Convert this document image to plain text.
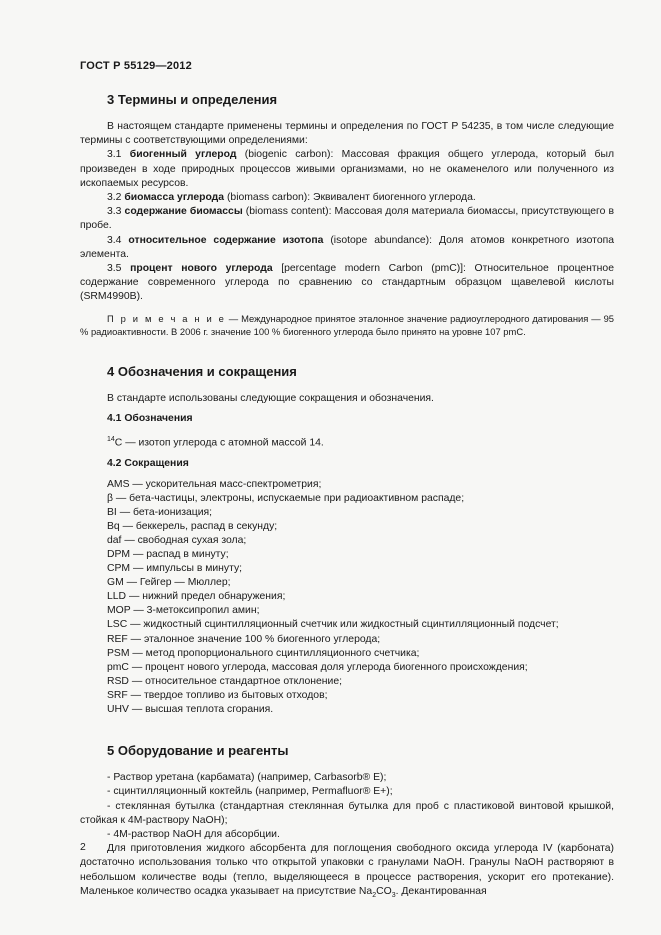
ГОСТ Р 55129—2012
3 Термины и определения

В настоящем стандарте применены термины и определения по ГОСТ Р 54235, в том числе следующие термины с соответствующими определениями:

3.1 биогенный углерод (biogenic carbon): Массовая фракция общего углерода, который был произведен в ходе природных процессов живыми организмами, но не окаменелого или полученного из ископаемых ресурсов.

3.2 биомасса углерода (biomass carbon): Эквивалент биогенного углерода.

3.3 содержание биомассы (biomass content): Массовая доля материала биомассы, присутствующего в пробе.

3.4 относительное содержание изотопа (isotope abundance): Доля атомов конкретного изотопа элемента.

3.5 процент нового углерода [percentage modern Carbon (pmC)]: Относительное процентное содержание современного углерода по сравнению со стандартным образцом щавелевой кислоты (SRM4990B).

П р и м е ч а н и е — Международное принятое эталонное значение радиоуглеродного датирования — 95 % радиоактивности. В 2006 г. значение 100 % биогенного углерода было принято на уровне 107 pmC.

4 Обозначения и сокращения

В стандарте использованы следующие сокращения и обозначения.

4.1 Обозначения

$^{14}$С — изотоп углерода с атомной массой 14.

4.2 Сокращения
AMS — ускорительная масс-спектрометрия;
β — бета-частицы, электроны, испускаемые при радиоактивном распаде;
BI — бета-ионизация;
Bq — беккерель, распад в секунду;
daf — свободная сухая зола;
DPM — распад в минуту;
CPM — импульсы в минуту;
GM — Гейгер — Мюллер;
LLD — нижний предел обнаружения;
MOP — 3-метоксипропил амин;
LSC — жидкостный сцинтилляционный счетчик или жидкостный сцинтилляционный подсчет;
REF — эталонное значение 100 % биогенного углерода;
PSM — метод пропорционального сцинтилляционного счетчика;
pmC — процент нового углерода, массовая доля углерода биогенного происхождения;
RSD — относительное стандартное отклонение;
SRF — твердое топливо из бытовых отходов;
UHV — высшая теплота сгорания.
5 Оборудование и реагенты

- Раствор уретана (карбамата) (например, Carbasorb® E);

- сцинтилляционный коктейль (например, Permafluor® E+);

- стеклянная бутылка (стандартная стеклянная бутылка для проб с пластиковой винтовой крышкой, стойкая к 4М-раствору NaOH);

- 4М-раствор NaOH для абсорбции.

Для приготовления жидкого абсорбента для поглощения свободного оксида углерода IV (карбоната) достаточно использования только что открытой упаковки с гранулами NaOH. Гранулы NaOH растворяют в небольшом количестве воды (тепло, выделяющееся в процессе растворения, ускорит его протекание). Маленькое количество осадка указывает на присутствие $Na_2CO_3$. Декантированная

2
